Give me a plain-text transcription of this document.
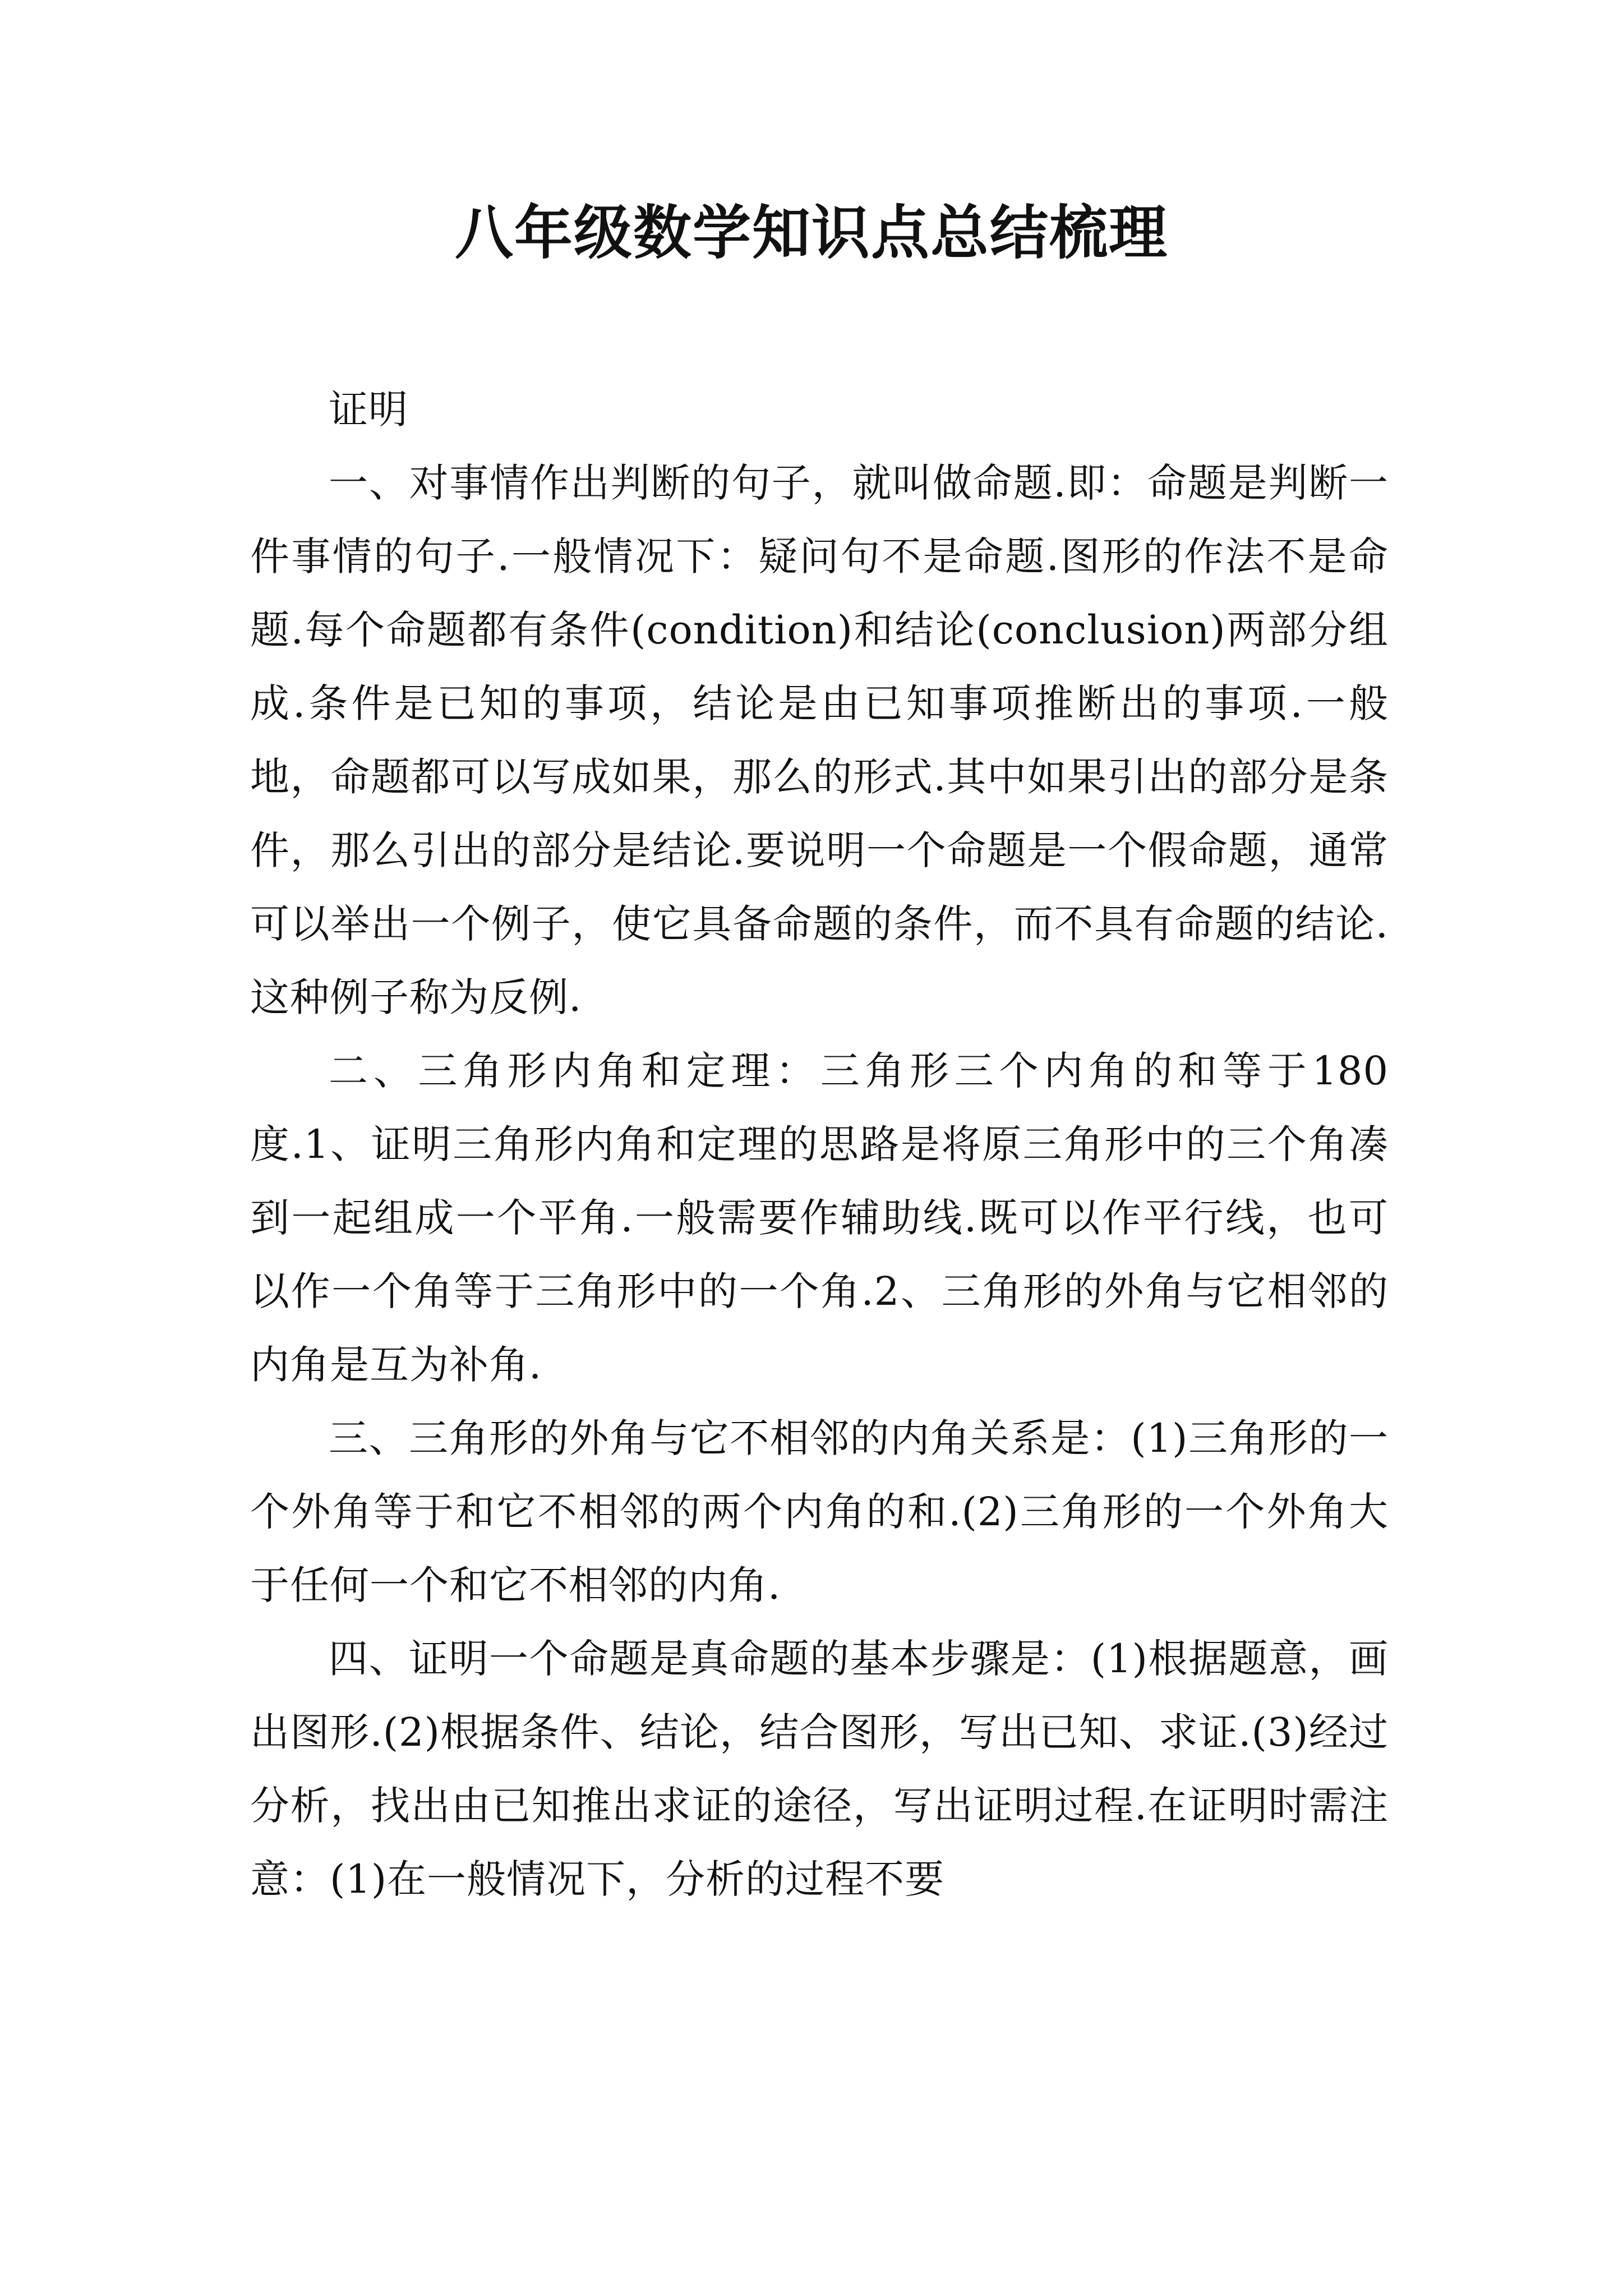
八年级数学知识点总结梳理
证明

一、对事情作出判断的句子，就叫做命题.即：命题是判断一件事情的句子.一般情况下：疑问句不是命题.图形的作法不是命题.每个命题都有条件(condition)和结论(conclusion)两部分组成.条件是已知的事项，结论是由已知事项推断出的事项.一般地，命题都可以写成如果，那么的形式.其中如果引出的部分是条件，那么引出的部分是结论.要说明一个命题是一个假命题，通常可以举出一个例子，使它具备命题的条件，而不具有命题的结论.这种例子称为反例.

二、三角形内角和定理：三角形三个内角的和等于180度.1、证明三角形内角和定理的思路是将原三角形中的三个角凑到一起组成一个平角.一般需要作辅助线.既可以作平行线，也可以作一个角等于三角形中的一个角.2、三角形的外角与它相邻的内角是互为补角.

三、三角形的外角与它不相邻的内角关系是：(1)三角形的一个外角等于和它不相邻的两个内角的和.(2)三角形的一个外角大于任何一个和它不相邻的内角.

四、证明一个命题是真命题的基本步骤是：(1)根据题意，画出图形.(2)根据条件、结论，结合图形，写出已知、求证.(3)经过分析，找出由已知推出求证的途径，写出证明过程.在证明时需注意：(1)在一般情况下，分析的过程不要
